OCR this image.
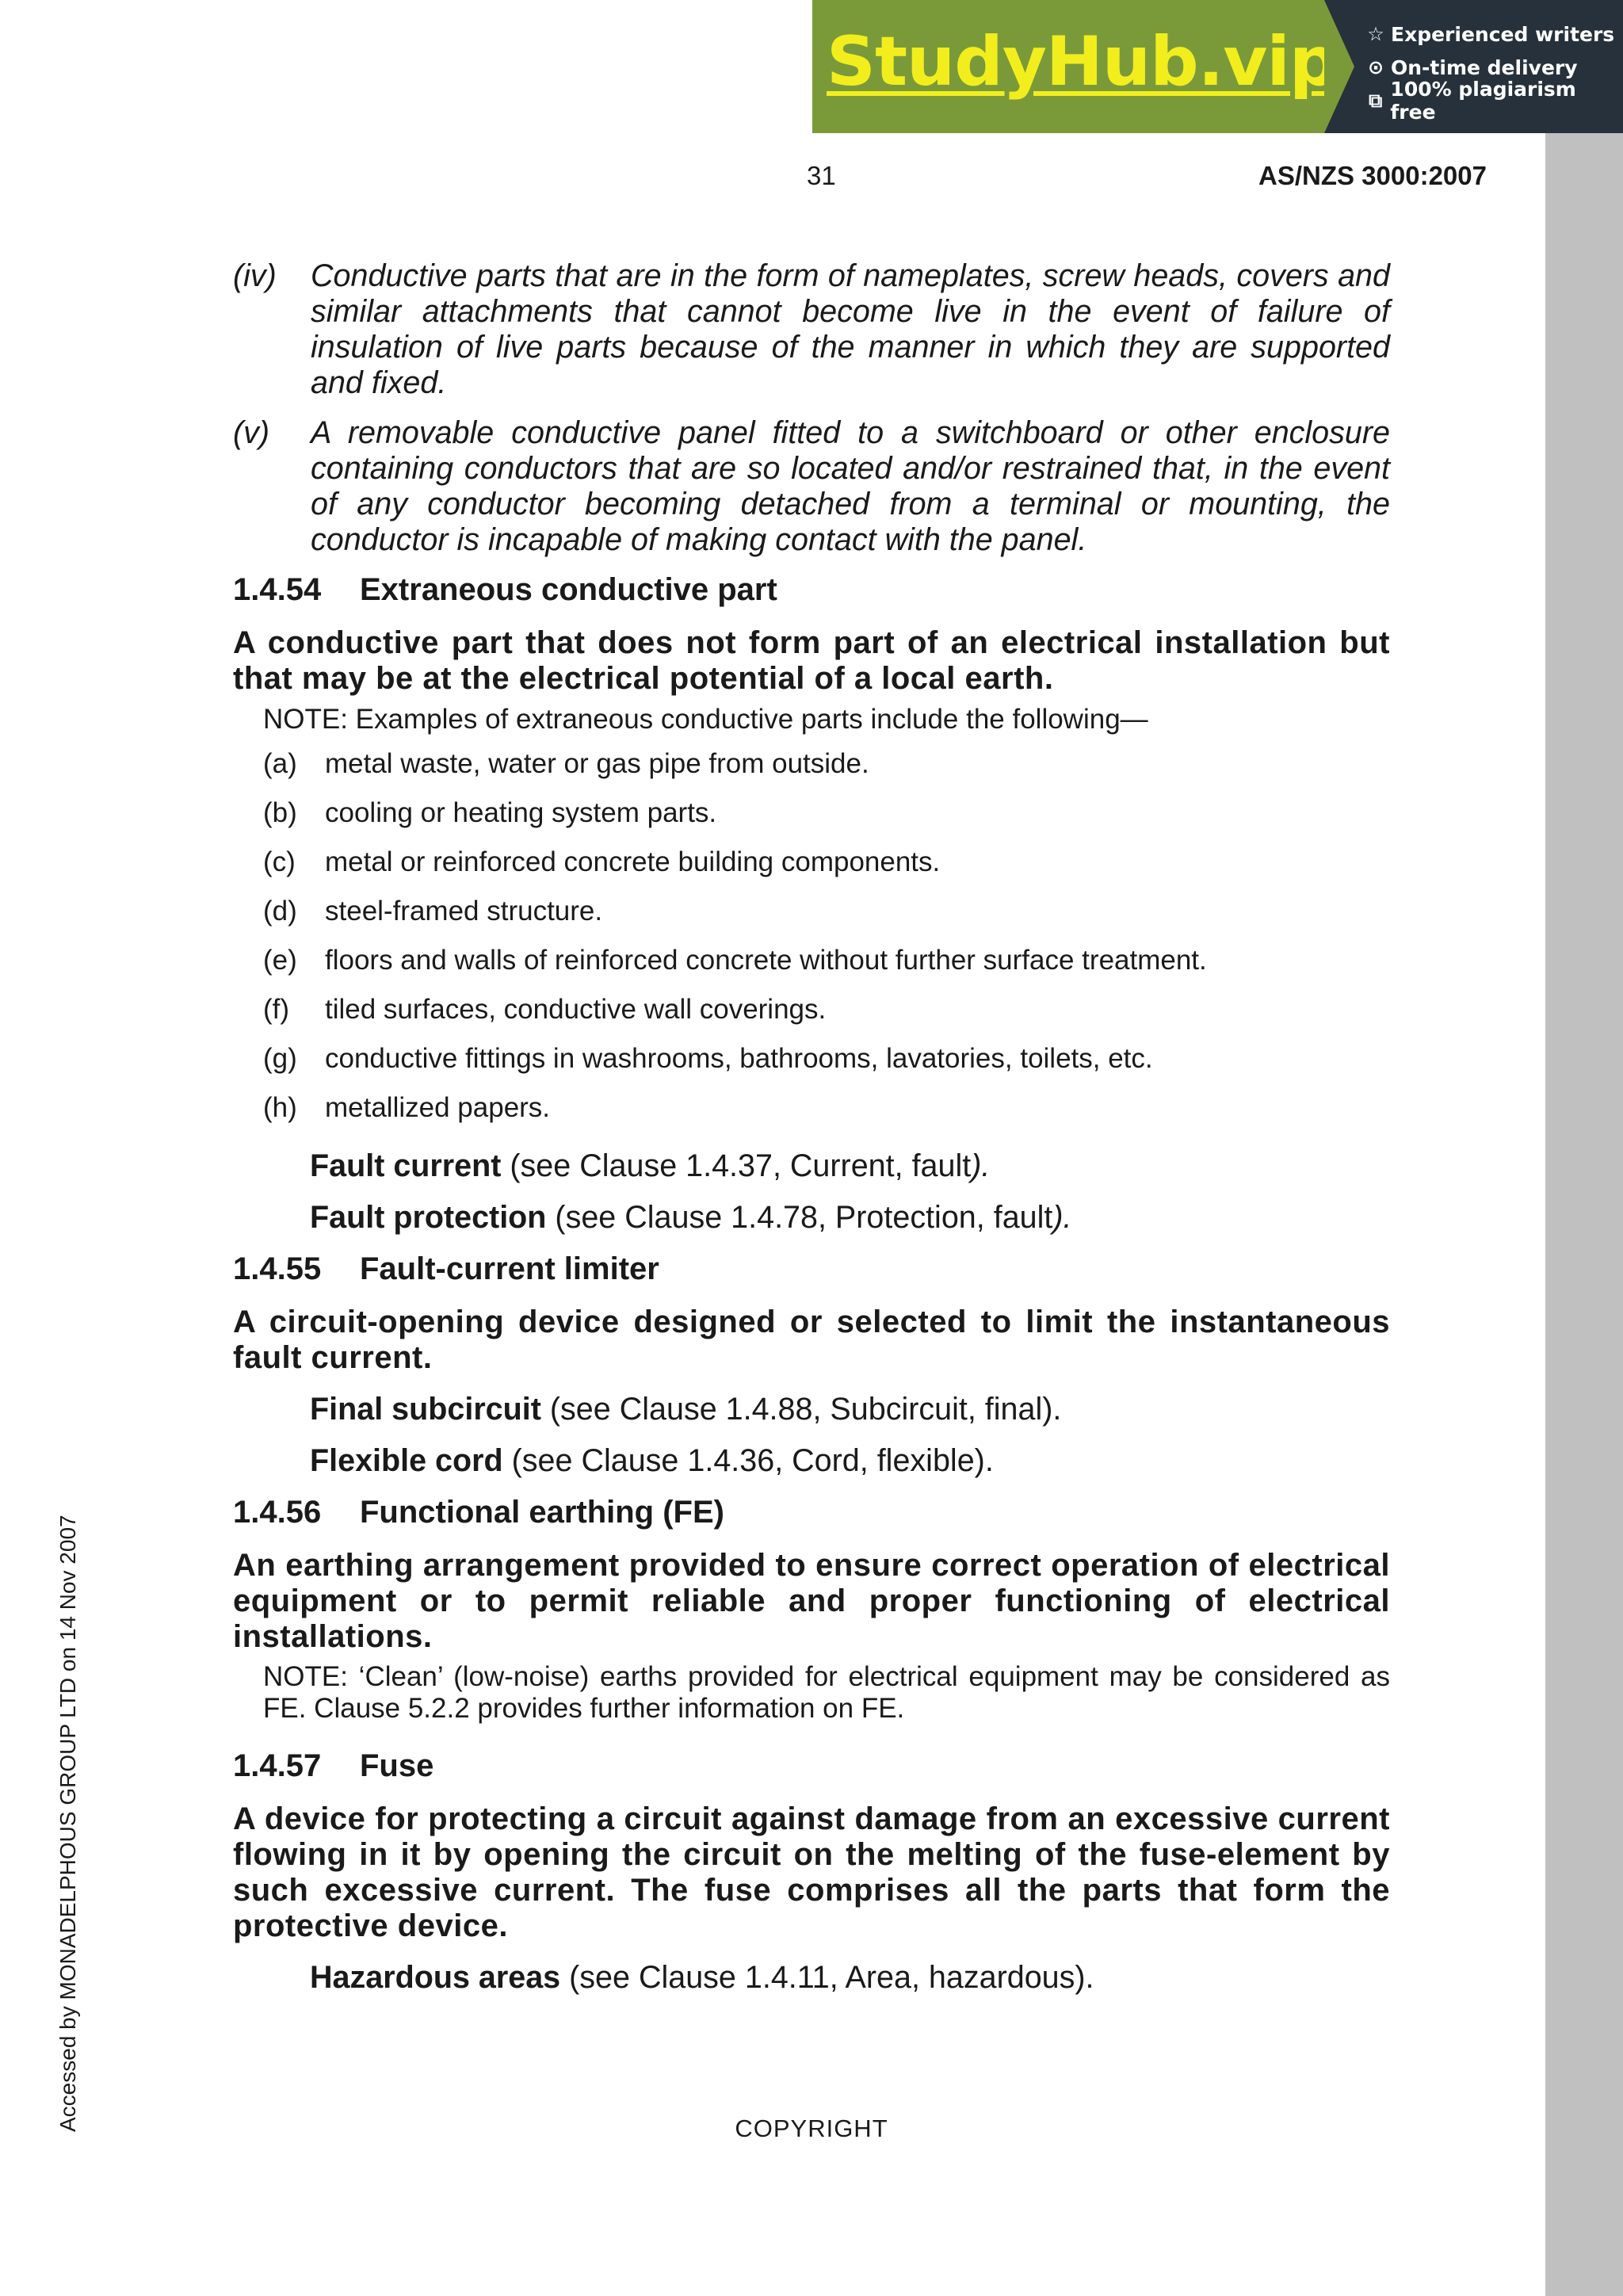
StudyHub.vip ☆ Experienced writers
⊙ On-time delivery
⧉ 100% plagiarism free
31	AS/NZS 3000:2007
(iv)	Conductive parts that are in the form of nameplates, screw heads, covers and similar attachments that cannot become live in the event of failure of insulation of live parts because of the manner in which they are supported and fixed.
(v)	A removable conductive panel fitted to a switchboard or other enclosure containing conductors that are so located and/or restrained that, in the event of any conductor becoming detached from a terminal or mounting, the conductor is incapable of making contact with the panel.
1.4.54 Extraneous conductive part
A conductive part that does not form part of an electrical installation but that may be at the electrical potential of a local earth.
NOTE: Examples of extraneous conductive parts include the following—
(a)	metal waste, water or gas pipe from outside.
(b)	cooling or heating system parts.
(c)	metal or reinforced concrete building components.
(d)	steel-framed structure.
(e)	floors and walls of reinforced concrete without further surface treatment.
(f)	tiled surfaces, conductive wall coverings.
(g)	conductive fittings in washrooms, bathrooms, lavatories, toilets, etc.
(h)	metallized papers.
Fault current (see Clause 1.4.37, Current, fault).
Fault protection (see Clause 1.4.78, Protection, fault).
1.4.55 Fault-current limiter
A circuit-opening device designed or selected to limit the instantaneous fault current.
Final subcircuit (see Clause 1.4.88, Subcircuit, final).
Flexible cord (see Clause 1.4.36, Cord, flexible).
1.4.56 Functional earthing (FE)
An earthing arrangement provided to ensure correct operation of electrical equipment or to permit reliable and proper functioning of electrical installations.
NOTE: ‘Clean’ (low-noise) earths provided for electrical equipment may be considered as FE. Clause 5.2.2 provides further information on FE.
1.4.57 Fuse
A device for protecting a circuit against damage from an excessive current flowing in it by opening the circuit on the melting of the fuse-element by such excessive current. The fuse comprises all the parts that form the protective device.
Hazardous areas (see Clause 1.4.11, Area, hazardous).
COPYRIGHT
Accessed by MONADELPHOUS GROUP LTD on 14 Nov 2007
